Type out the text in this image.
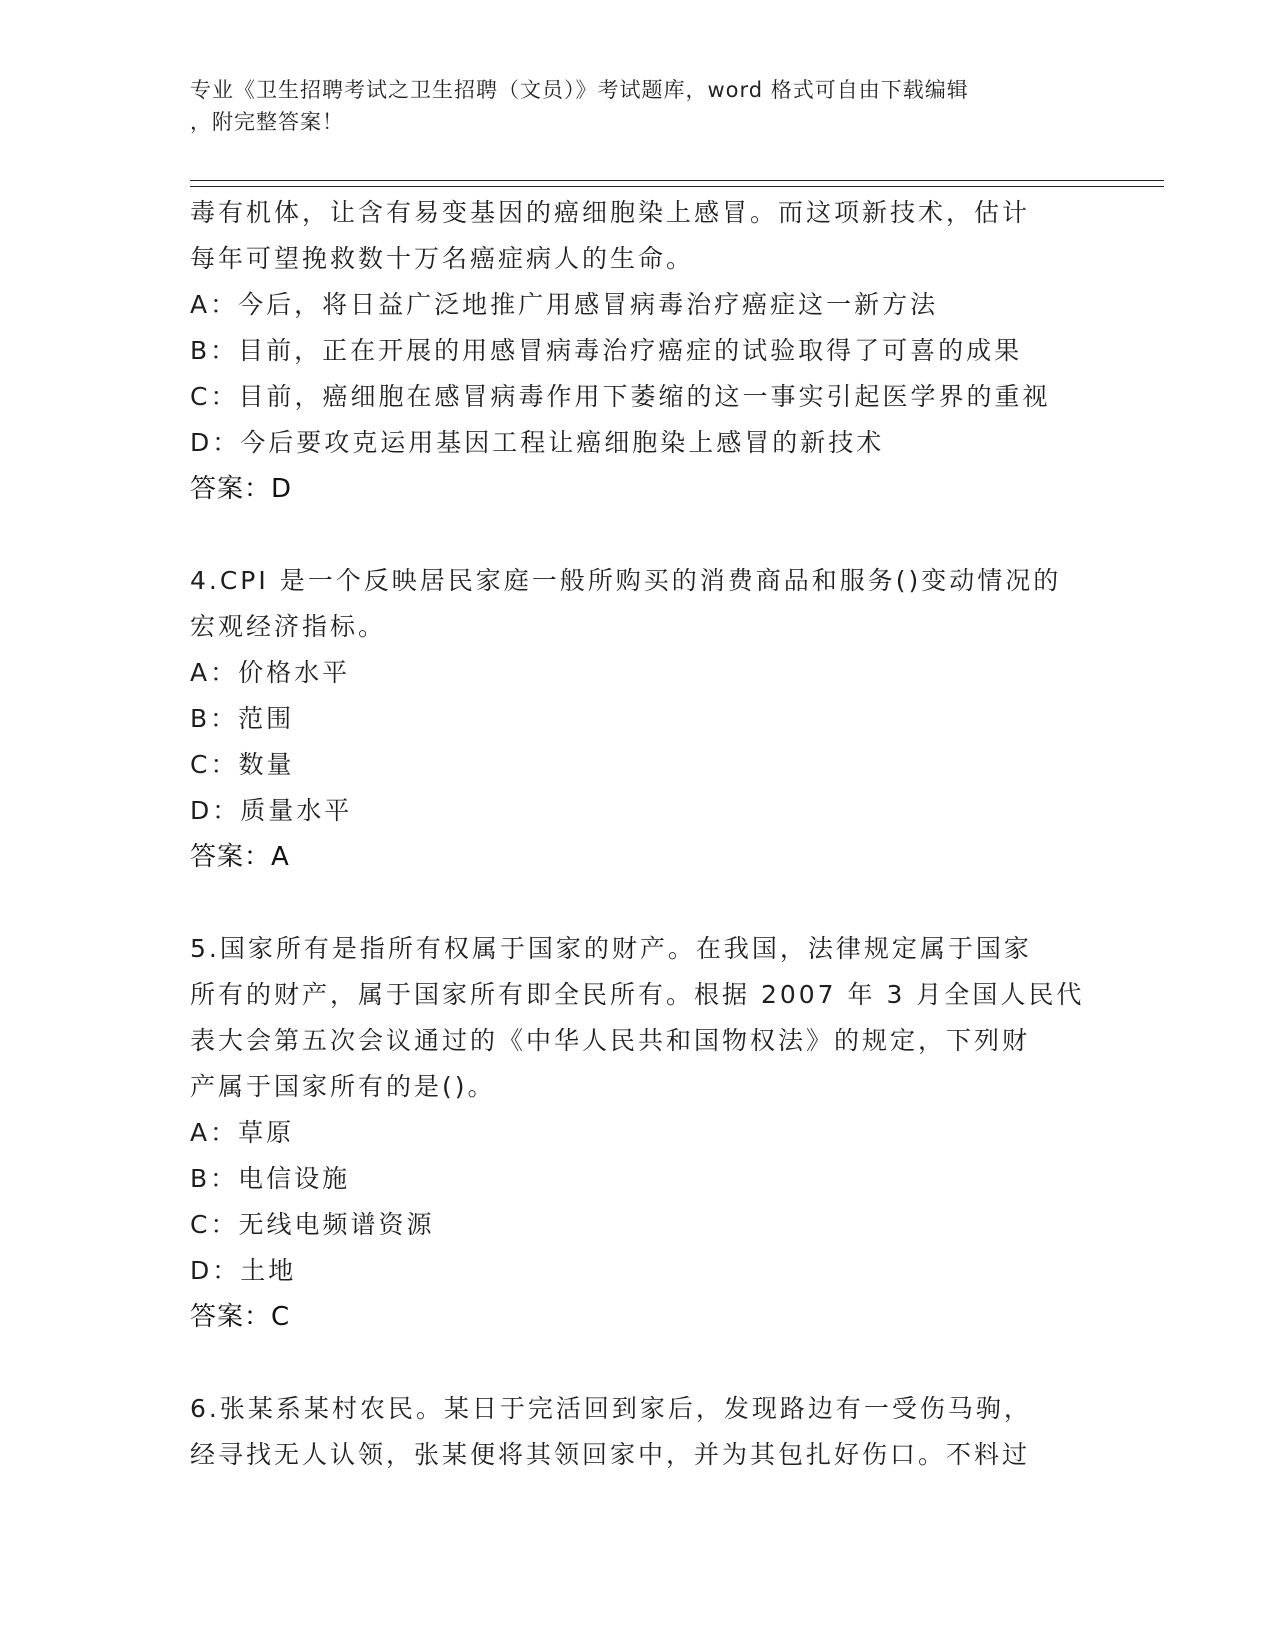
专业《卫生招聘考试之卫生招聘（文员）》考试题库，word 格式可自由下载编辑
，附完整答案！
毒有机体，让含有易变基因的癌细胞染上感冒。而这项新技术，估计
每年可望挽救数十万名癌症病人的生命。
A：今后，将日益广泛地推广用感冒病毒治疗癌症这一新方法
B：目前，正在开展的用感冒病毒治疗癌症的试验取得了可喜的成果
C：目前，癌细胞在感冒病毒作用下萎缩的这一事实引起医学界的重视
D：今后要攻克运用基因工程让癌细胞染上感冒的新技术
答案：D
4.CPI 是一个反映居民家庭一般所购买的消费商品和服务()变动情况的
宏观经济指标。
A：价格水平
B：范围
C：数量
D：质量水平
答案：A
5.国家所有是指所有权属于国家的财产。在我国，法律规定属于国家
所有的财产，属于国家所有即全民所有。根据 2007 年 3 月全国人民代
表大会第五次会议通过的《中华人民共和国物权法》的规定，下列财
产属于国家所有的是()。
A：草原
B：电信设施
C：无线电频谱资源
D：土地
答案：C
6.张某系某村农民。某日于完活回到家后，发现路边有一受伤马驹，
经寻找无人认领，张某便将其领回家中，并为其包扎好伤口。不料过
